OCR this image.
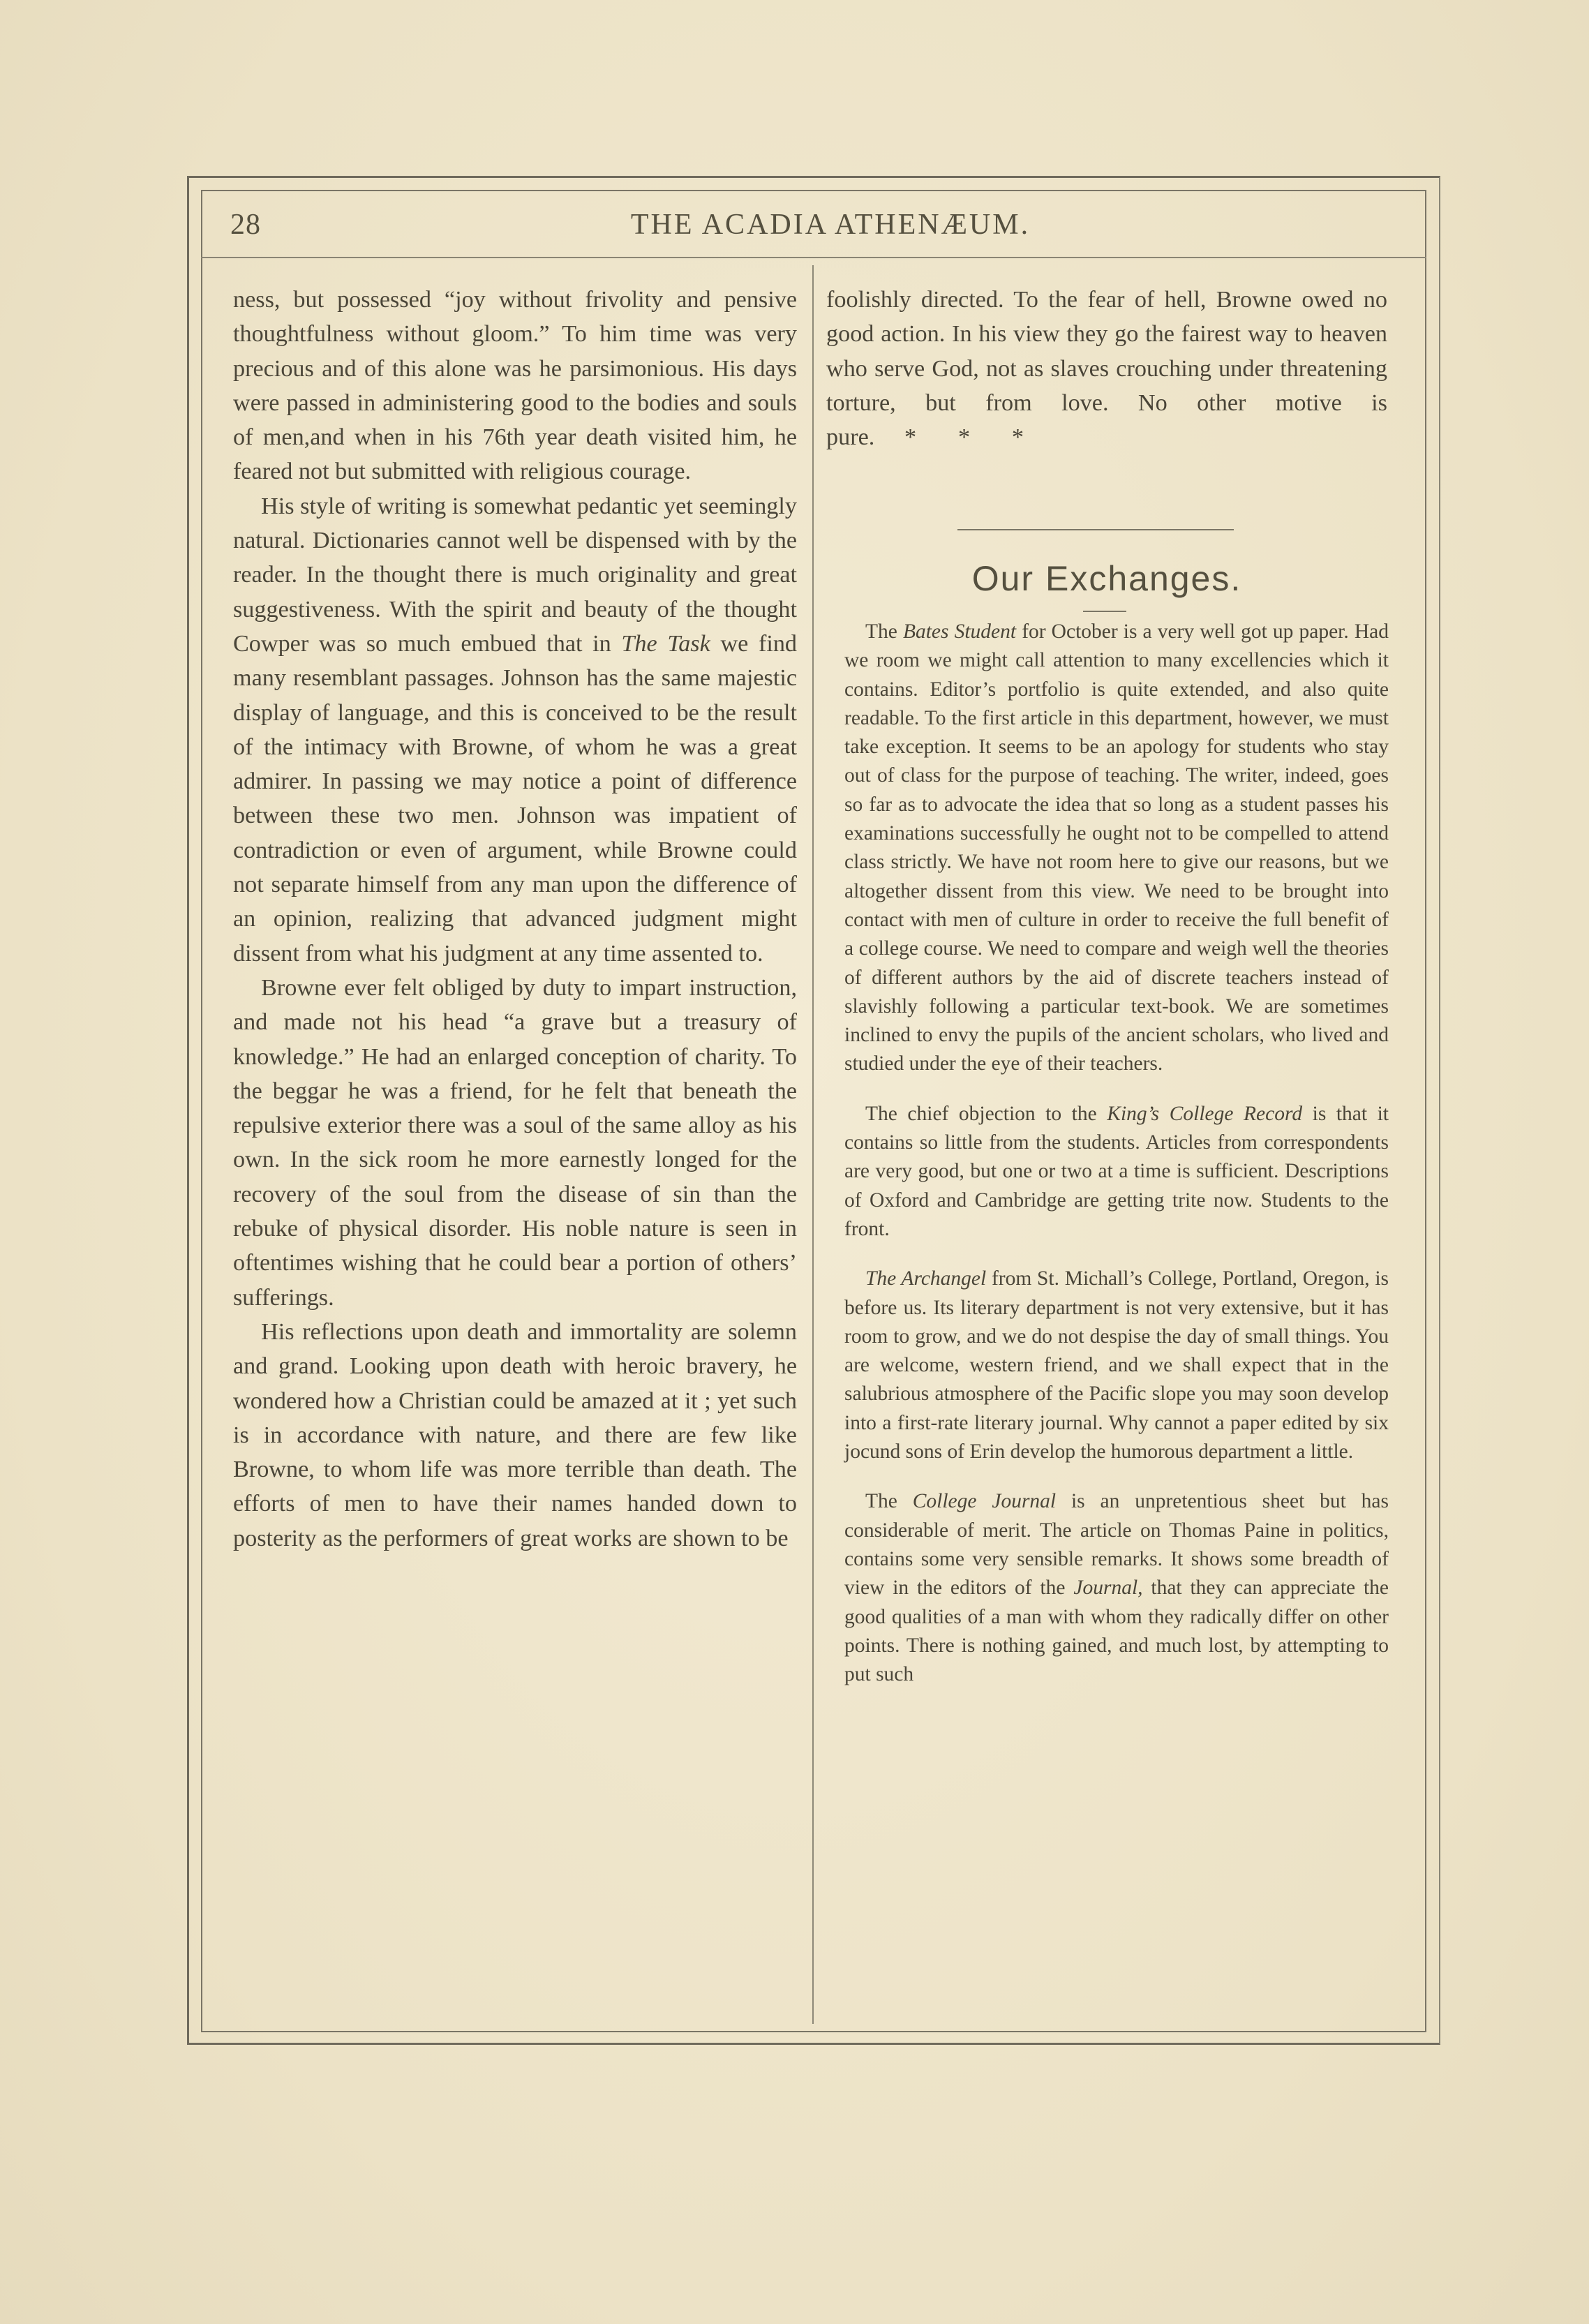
28	THE ACADIA ATHENÆUM.

ness, but possessed “joy without frivolity and pensive thoughtfulness without gloom.” To him time was very precious and of this alone was he parsimonious. His days were passed in administering good to the bodies and souls of men,and when in his 76th year death visited him, he feared not but submitted with religious courage.

His style of writing is somewhat pedantic yet seemingly natural. Dictionaries cannot well be dispensed with by the reader. In the thought there is much originality and great suggestiveness. With the spirit and beauty of the thought Cowper was so much embued that in The Task we find many resemblant passages. Johnson has the same majestic display of language, and this is conceived to be the result of the intimacy with Browne, of whom he was a great admirer. In passing we may notice a point of difference between these two men. Johnson was impatient of contradiction or even of argument, while Browne could not separate himself from any man upon the difference of an opinion, realizing that advanced judgment might dissent from what his judgment at any time assented to.

Browne ever felt obliged by duty to impart instruction, and made not his head “a grave but a treasury of knowledge.” He had an enlarged conception of charity. To the beggar he was a friend, for he felt that beneath the repulsive exterior there was a soul of the same alloy as his own. In the sick room he more earnestly longed for the recovery of the soul from the disease of sin than the rebuke of physical disorder. His noble nature is seen in oftentimes wishing that he could bear a portion of others’ sufferings.

His reflections upon death and immortality are solemn and grand. Looking upon death with heroic bravery, he wondered how a Christian could be amazed at it ; yet such is in accordance with nature, and there are few like Browne, to whom life was more terrible than death. The efforts of men to have their names handed down to posterity as the performers of great works are shown to be

foolishly directed. To the fear of hell, Browne owed no good action. In his view they go the fairest way to heaven who serve God, not as slaves crouching under threatening torture, but from love. No other motive is pure. *       *       *

Our Exchanges.

The Bates Student for October is a very well got up paper. Had we room we might call attention to many excellencies which it contains. Editor’s portfolio is quite extended, and also quite readable. To the first article in this department, however, we must take exception. It seems to be an apology for students who stay out of class for the purpose of teaching. The writer, indeed, goes so far as to advocate the idea that so long as a student passes his examinations successfully he ought not to be compelled to attend class strictly. We have not room here to give our reasons, but we altogether dissent from this view. We need to be brought into contact with men of culture in order to receive the full benefit of a college course. We need to compare and weigh well the theories of different authors by the aid of discrete teachers instead of slavishly following a particular text-book. We are sometimes inclined to envy the pupils of the ancient scholars, who lived and studied under the eye of their teachers.

The chief objection to the King’s College Record is that it contains so little from the students. Articles from correspondents are very good, but one or two at a time is sufficient. Descriptions of Oxford and Cambridge are getting trite now. Students to the front.

The Archangel from St. Michall’s College, Portland, Oregon, is before us. Its literary department is not very extensive, but it has room to grow, and we do not despise the day of small things. You are welcome, western friend, and we shall expect that in the salubrious atmosphere of the Pacific slope you may soon develop into a first-rate literary journal. Why cannot a paper edited by six jocund sons of Erin develop the humorous department a little.

The College Journal is an unpretentious sheet but has considerable of merit. The article on Thomas Paine in politics, contains some very sensible remarks. It shows some breadth of view in the editors of the Journal, that they can appreciate the good qualities of a man with whom they radically differ on other points. There is nothing gained, and much lost, by attempting to put such
